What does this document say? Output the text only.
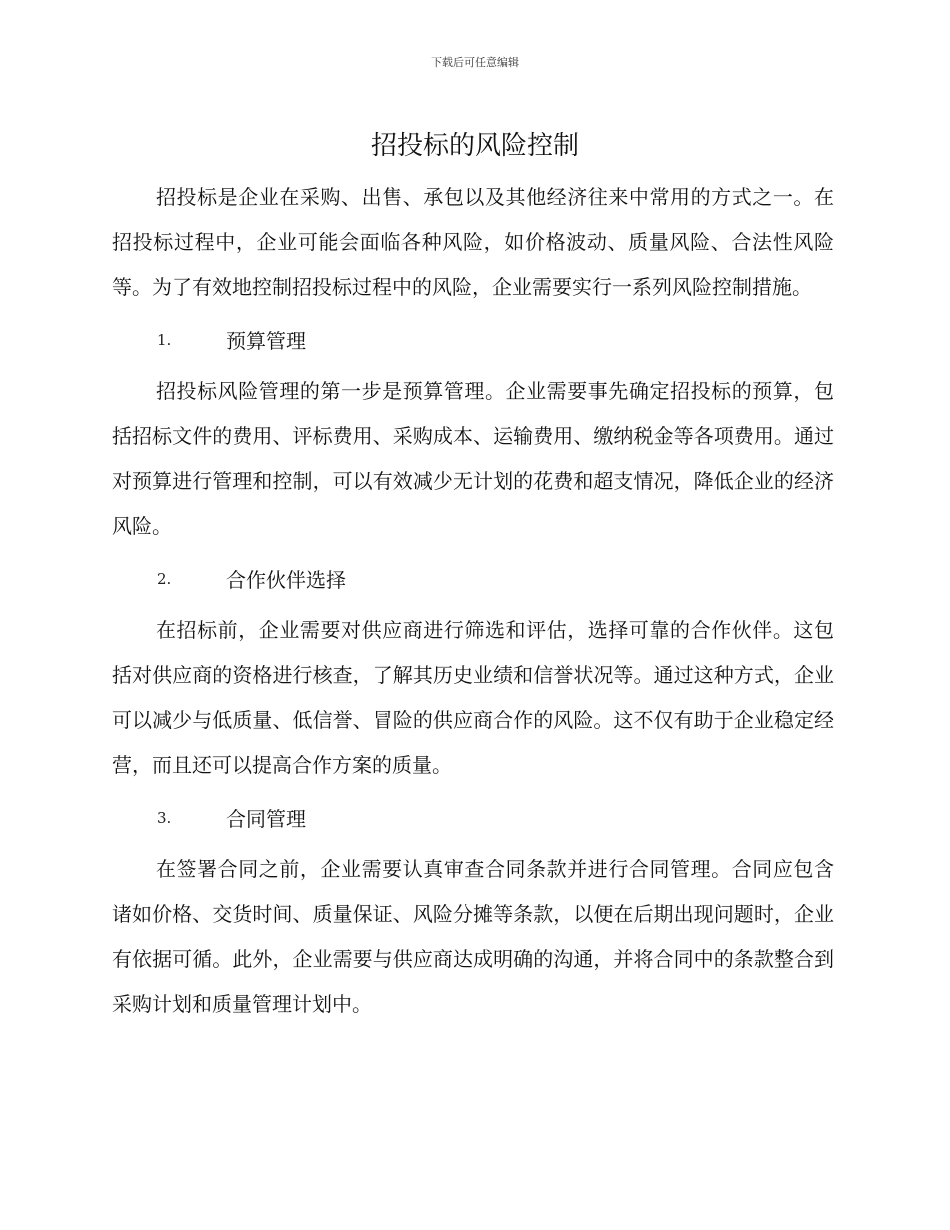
下载后可任意编辑
招投标的风险控制

招投标是企业在采购、出售、承包以及其他经济往来中常用的方式之一。在招投标过程中，企业可能会面临各种风险，如价格波动、质量风险、合法性风险等。为了有效地控制招投标过程中的风险，企业需要实行一系列风险控制措施。

1.	预算管理

招投标风险管理的第一步是预算管理。企业需要事先确定招投标的预算，包括招标文件的费用、评标费用、采购成本、运输费用、缴纳税金等各项费用。通过对预算进行管理和控制，可以有效减少无计划的花费和超支情况，降低企业的经济风险。

2.	合作伙伴选择

在招标前，企业需要对供应商进行筛选和评估，选择可靠的合作伙伴。这包括对供应商的资格进行核查，了解其历史业绩和信誉状况等。通过这种方式，企业可以减少与低质量、低信誉、冒险的供应商合作的风险。这不仅有助于企业稳定经营，而且还可以提高合作方案的质量。

3.	合同管理

在签署合同之前，企业需要认真审查合同条款并进行合同管理。合同应包含诸如价格、交货时间、质量保证、风险分摊等条款，以便在后期出现问题时，企业有依据可循。此外，企业需要与供应商达成明确的沟通，并将合同中的条款整合到采购计划和质量管理计划中。
